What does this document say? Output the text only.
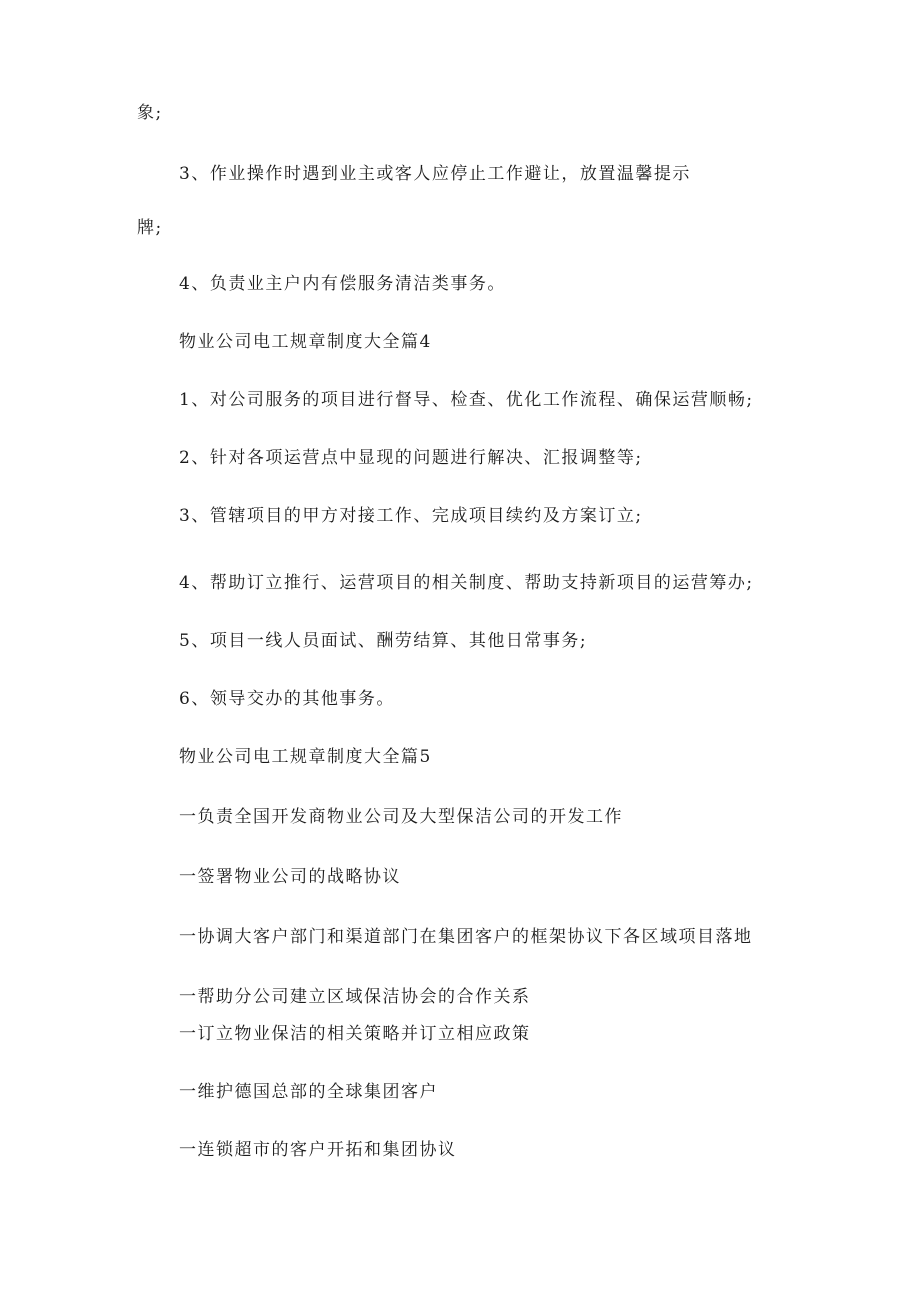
象;
3、作业操作时遇到业主或客人应停止工作避让，放置温馨提示
牌;
4、负责业主户内有偿服务清洁类事务。
物业公司电工规章制度大全篇4
1、对公司服务的项目进行督导、检查、优化工作流程、确保运营顺畅;
2、针对各项运营点中显现的问题进行解决、汇报调整等;
3、管辖项目的甲方对接工作、完成项目续约及方案订立;
4、帮助订立推行、运营项目的相关制度、帮助支持新项目的运营筹办;
5、项目一线人员面试、酬劳结算、其他日常事务;
6、领导交办的其他事务。
物业公司电工规章制度大全篇5
一负责全国开发商物业公司及大型保洁公司的开发工作
一签署物业公司的战略协议
一协调大客户部门和渠道部门在集团客户的框架协议下各区域项目落地
一帮助分公司建立区域保洁协会的合作关系
一订立物业保洁的相关策略并订立相应政策
一维护德国总部的全球集团客户
一连锁超市的客户开拓和集团协议
